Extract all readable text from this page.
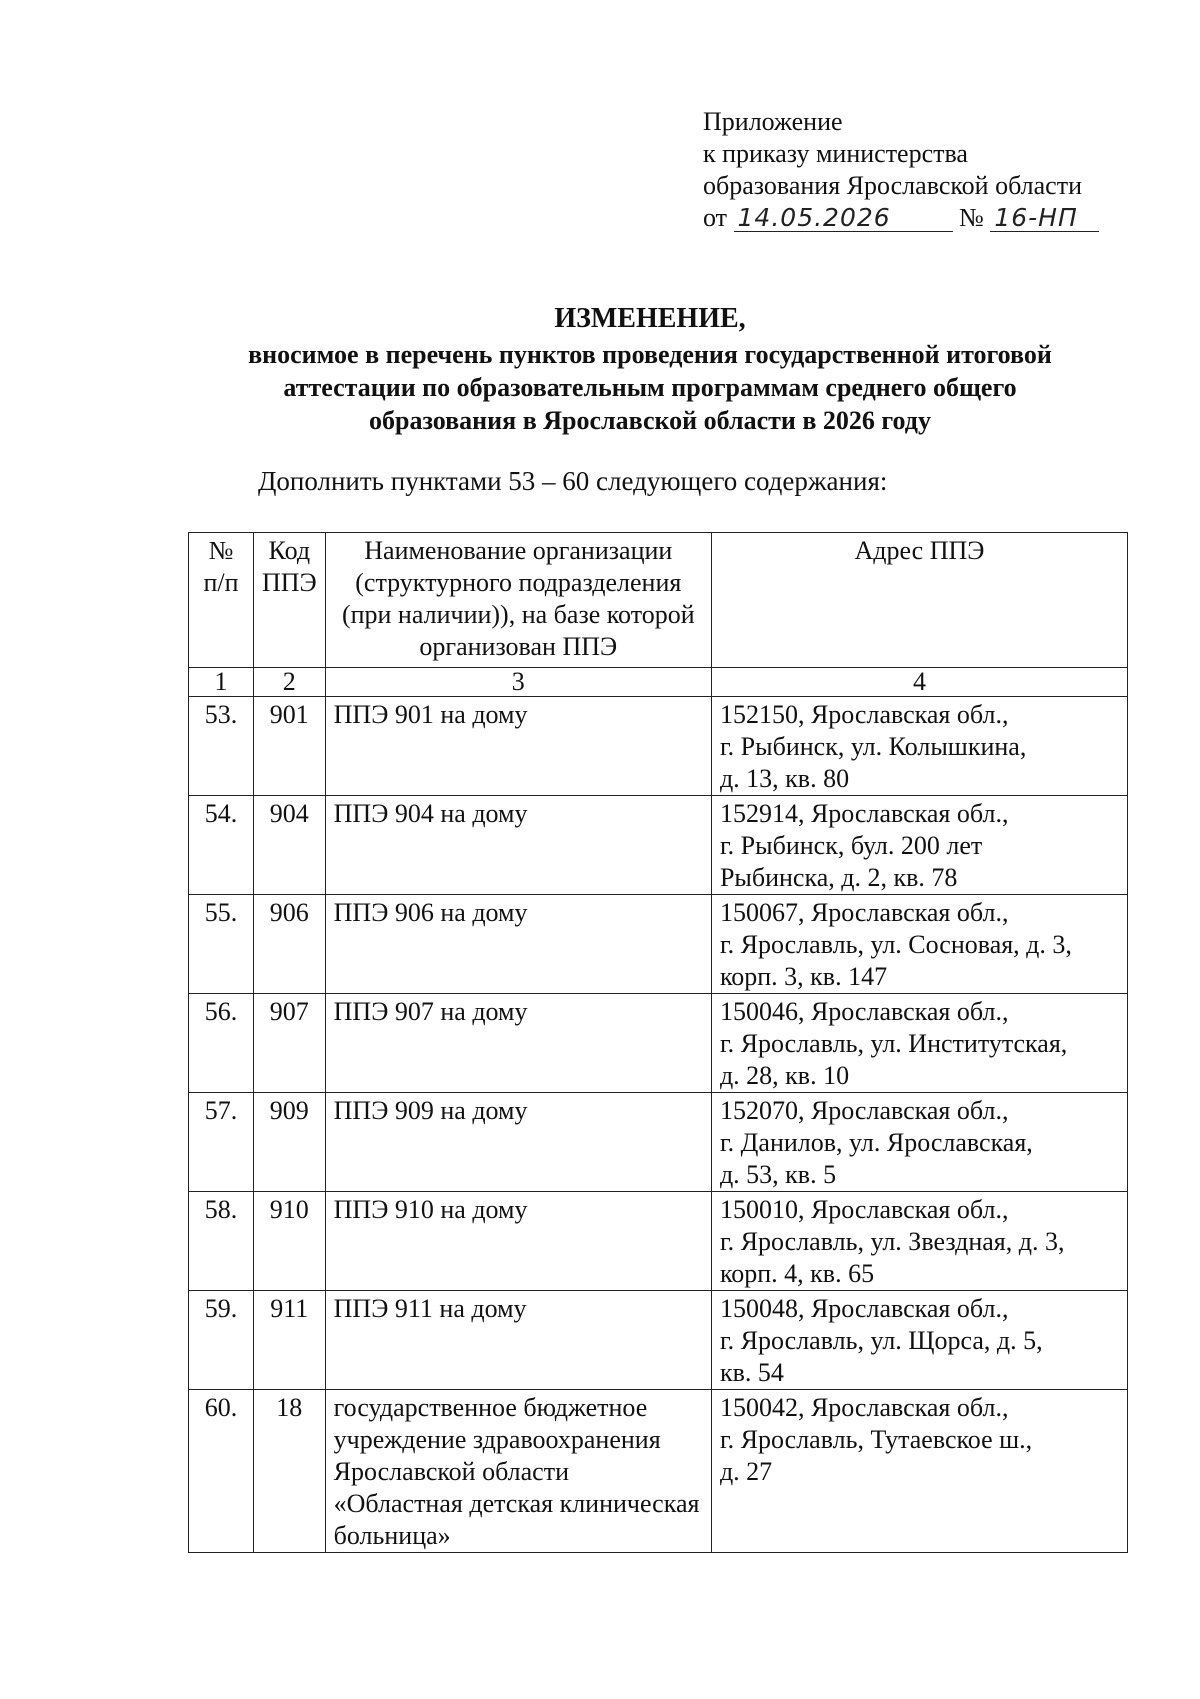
Приложение
к приказу министерства
образования Ярославской области
от 14.05.2026	№ 16-НП
ИЗМЕНЕНИЕ,
вносимое в перечень пунктов проведения государственной итоговой
аттестации по образовательным программам среднего общего
образования в Ярославской области в 2026 году
Дополнить пунктами 53 – 60 следующего содержания:
№ п/п	Код ППЭ	Наименование организации (структурного подразделения (при наличии)), на базе которой организован ППЭ	Адрес ППЭ
1	2	3	4
53.	901	ППЭ 901 на дому	152150, Ярославская обл.,
г. Рыбинск, ул. Колышкина,
д. 13, кв. 80
54.	904	ППЭ 904 на дому	152914, Ярославская обл.,
г. Рыбинск, бул. 200 лет
Рыбинска, д. 2, кв. 78
55.	906	ППЭ 906 на дому	150067, Ярославская обл.,
г. Ярославль, ул. Сосновая, д. 3,
корп. 3, кв. 147
56.	907	ППЭ 907 на дому	150046, Ярославская обл.,
г. Ярославль, ул. Институтская,
д. 28, кв. 10
57.	909	ППЭ 909 на дому	152070, Ярославская обл.,
г. Данилов, ул. Ярославская,
д. 53, кв. 5
58.	910	ППЭ 910 на дому	150010, Ярославская обл.,
г. Ярославль, ул. Звездная, д. 3,
корп. 4, кв. 65
59.	911	ППЭ 911 на дому	150048, Ярославская обл.,
г. Ярославль, ул. Щорса, д. 5,
кв. 54
60.	18	государственное бюджетное учреждение здравоохранения Ярославской области «Областная детская клиническая больница»	150042, Ярославская обл.,
г. Ярославль, Тутаевское ш.,
д. 27
